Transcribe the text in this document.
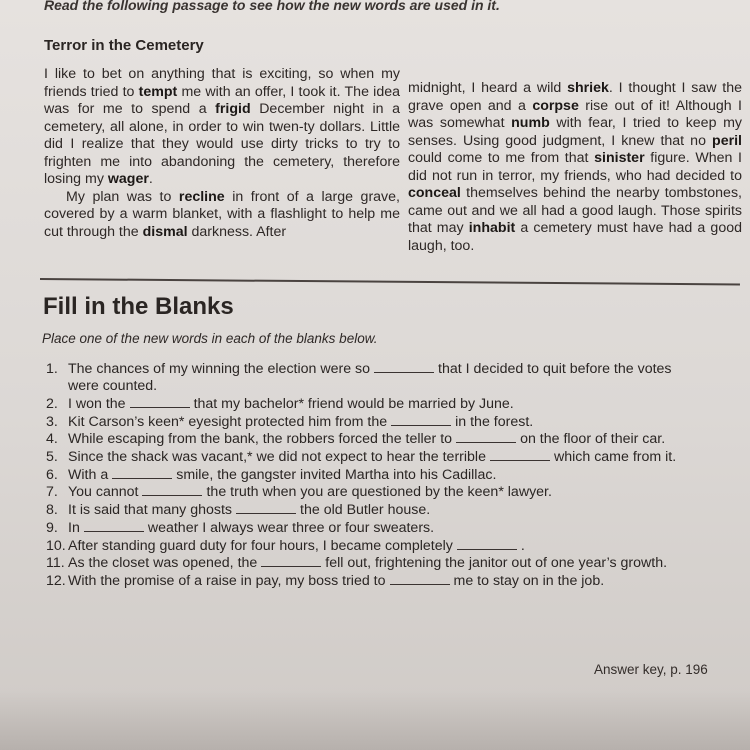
Read the following passage to see how the new words are used in it.
Terror in the Cemetery

I like to bet on anything that is exciting, so when my friends tried to tempt me with an offer, I took it. The idea was for me to spend a frigid December night in a cemetery, all alone, in order to win twen-ty dollars. Little did I realize that they would use dirty tricks to try to frighten me into abandoning the cemetery, therefore losing my wager.

My plan was to recline in front of a large grave, covered by a warm blanket, with a flashlight to help me cut through the dismal darkness. After

midnight, I heard a wild shriek. I thought I saw the grave open and a corpse rise out of it! Although I was somewhat numb with fear, I tried to keep my senses. Using good judgment, I knew that no peril could come to me from that sinister figure. When I did not run in terror, my friends, who had decided to conceal themselves behind the nearby tombstones, came out and we all had a good laugh. Those spirits that may inhabit a cemetery must have had a good laugh, too.

Fill in the Blanks
Place one of the new words in each of the blanks below.
1. The chances of my winning the election were so	that I decided to quit before the votes were counted.
2. I won the	that my bachelor* friend would be married by June.
3. Kit Carson’s keen* eyesight protected him from the	in the forest.
4. While escaping from the bank, the robbers forced the teller to	on the floor of their car.
5. Since the shack was vacant,* we did not expect to hear the terrible	which came from it.
6. With a	smile, the gangster invited Martha into his Cadillac.
7. You cannot	the truth when you are questioned by the keen* lawyer.
8. It is said that many ghosts	the old Butler house.
9. In	weather I always wear three or four sweaters.
10. After standing guard duty for four hours, I became completely	.
11. As the closet was opened, the	fell out, frightening the janitor out of one year’s growth.
12. With the promise of a raise in pay, my boss tried to	me to stay on in the job.
Answer key, p. 196
